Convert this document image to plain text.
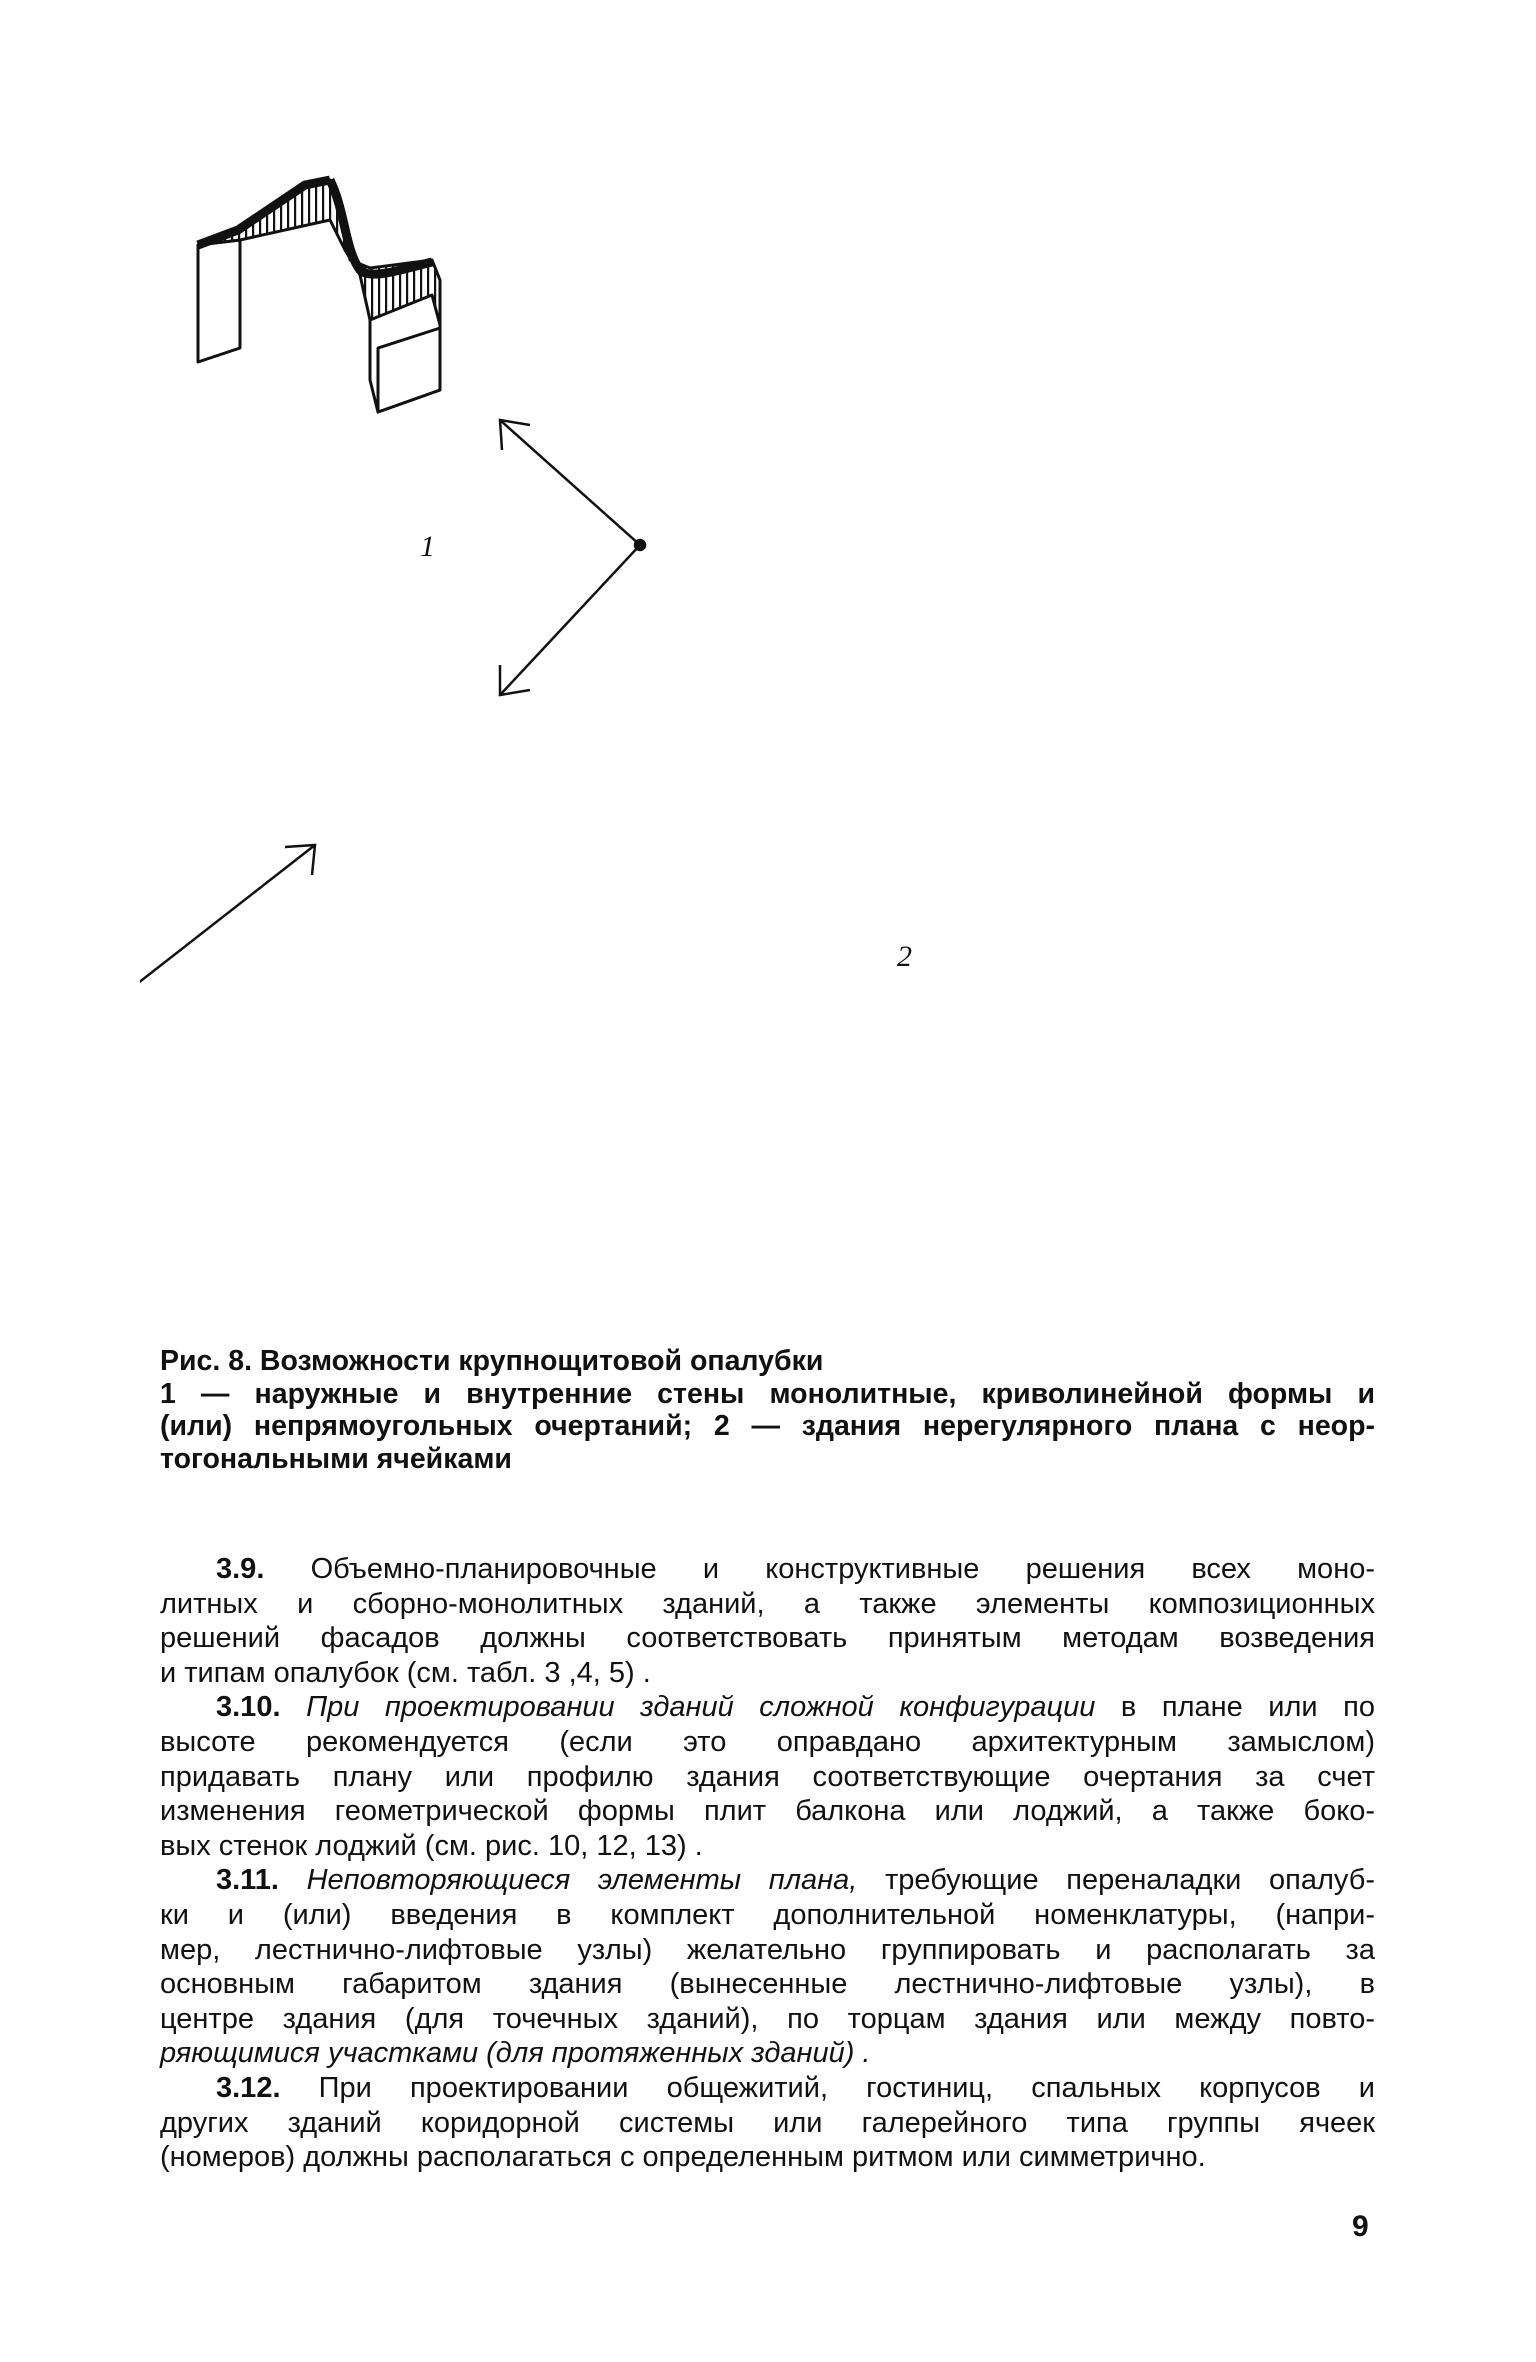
1
2
Рис. 8. Возможности крупнощитовой опалубки
1 — наружные и внутренние стены монолитные, криволинейной формы и
(или) непрямоугольных очертаний; 2 — здания нерегулярного плана с неор-
тогональными ячейками
3.9. Объемно-планировочные и конструктивные решения всех моно-
литных и сборно-монолитных зданий, а также элементы композиционных
решений фасадов должны соответствовать принятым методам возведения
и типам опалубок (см. табл. 3 ,4, 5) .
3.10. При проектировании зданий сложной конфигурации в плане или по
высоте рекомендуется (если это оправдано архитектурным замыслом)
придавать плану или профилю здания соответствующие очертания за счет
изменения геометрической формы плит балкона или лоджий, а также боко-
вых стенок лоджий (см. рис. 10, 12, 13) .
3.11. Неповторяющиеся элементы плана, требующие переналадки опалуб-
ки и (или) введения в комплект дополнительной номенклатуры, (напри-
мер, лестнично-лифтовые узлы) желательно группировать и располагать за
основным габаритом здания (вынесенные лестнично-лифтовые узлы), в
центре здания (для точечных зданий), по торцам здания или между повто-
ряющимися участками (для протяженных зданий) .
3.12. При проектировании общежитий, гостиниц, спальных корпусов и
других зданий коридорной системы или галерейного типа группы ячеек
(номеров) должны располагаться с определенным ритмом или симметрично.
9
